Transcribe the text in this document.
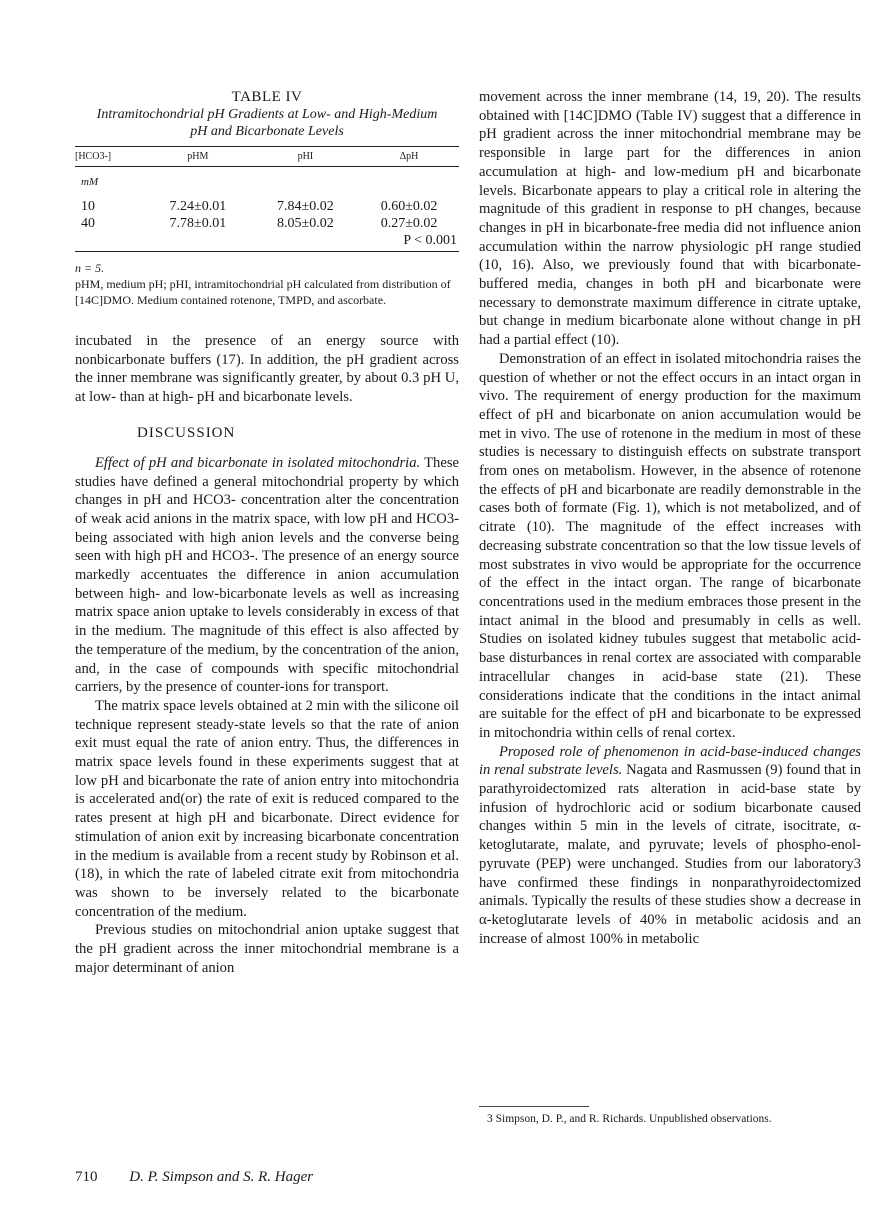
TABLE IV

Intramitochondrial pH Gradients at Low- and High-Medium
pH and Bicarbonate Levels

[HCO3-]	pHM	pHI	ΔpH
mM			
10	7.24±0.01	7.84±0.02	0.60±0.02
40	7.78±0.01	8.05±0.02	0.27±0.02
P < 0.001			

n = 5.

pHM, medium pH; pHI, intramitochondrial pH calculated from distribution of [14C]DMO. Medium contained rotenone, TMPD, and ascorbate.

incubated in the presence of an energy source with nonbicarbonate buffers (17). In addition, the pH gradient across the inner membrane was significantly greater, by about 0.3 pH U, at low- than at high- pH and bicarbonate levels.

DISCUSSION

Effect of pH and bicarbonate in isolated mitochondria. These studies have defined a general mitochondrial property by which changes in pH and HCO3- concentration alter the concentration of weak acid anions in the matrix space, with low pH and HCO3- being associated with high anion levels and the converse being seen with high pH and HCO3-. The presence of an energy source markedly accentuates the difference in anion accumulation between high- and low-bicarbonate levels as well as increasing matrix space anion uptake to levels considerably in excess of that in the medium. The magnitude of this effect is also affected by the temperature of the medium, by the concentration of the anion, and, in the case of compounds with specific mitochondrial carriers, by the presence of counter-ions for transport.

The matrix space levels obtained at 2 min with the silicone oil technique represent steady-state levels so that the rate of anion exit must equal the rate of anion entry. Thus, the differences in matrix space levels found in these experiments suggest that at low pH and bicarbonate the rate of anion entry into mitochondria is accelerated and(or) the rate of exit is reduced compared to the rates present at high pH and bicarbonate. Direct evidence for stimulation of anion exit by increasing bicarbonate concentration in the medium is available from a recent study by Robinson et al. (18), in which the rate of labeled citrate exit from mitochondria was shown to be inversely related to the bicarbonate concentration of the medium.

Previous studies on mitochondrial anion uptake suggest that the pH gradient across the inner mitochondrial membrane is a major determinant of anion

movement across the inner membrane (14, 19, 20). The results obtained with [14C]DMO (Table IV) suggest that a difference in pH gradient across the inner mitochondrial membrane may be responsible in large part for the differences in anion accumulation at high- and low-medium pH and bicarbonate levels. Bicarbonate appears to play a critical role in altering the magnitude of this gradient in response to pH changes, because changes in pH in bicarbonate-free media did not influence anion accumulation within the narrow physiologic pH range studied (10, 16). Also, we previously found that with bicarbonate-buffered media, changes in both pH and bicarbonate were necessary to demonstrate maximum difference in citrate uptake, but change in medium bicarbonate alone without change in pH had a partial effect (10).

Demonstration of an effect in isolated mitochondria raises the question of whether or not the effect occurs in an intact organ in vivo. The requirement of energy production for the maximum effect of pH and bicarbonate on anion accumulation would be met in vivo. The use of rotenone in the medium in most of these studies is necessary to distinguish effects on substrate transport from ones on metabolism. However, in the absence of rotenone the effects of pH and bicarbonate are readily demonstrable in the cases both of formate (Fig. 1), which is not metabolized, and of citrate (10). The magnitude of the effect increases with decreasing substrate concentration so that the low tissue levels of most substrates in vivo would be appropriate for the occurrence of the effect in the intact organ. The range of bicarbonate concentrations used in the medium embraces those present in the intact animal in the blood and presumably in cells as well. Studies on isolated kidney tubules suggest that metabolic acid-base disturbances in renal cortex are associated with comparable intracellular changes in acid-base state (21). These considerations indicate that the conditions in the intact animal are suitable for the effect of pH and bicarbonate to be expressed in mitochondria within cells of renal cortex.

Proposed role of phenomenon in acid-base-induced changes in renal substrate levels. Nagata and Rasmussen (9) found that in parathyroidectomized rats alteration in acid-base state by infusion of hydrochloric acid or sodium bicarbonate caused changes within 5 min in the levels of citrate, isocitrate, α-ketoglutarate, malate, and pyruvate; levels of phospho-enol-pyruvate (PEP) were unchanged. Studies from our laboratory3 have confirmed these findings in nonparathyroidectomized animals. Typically the results of these studies show a decrease in α-ketoglutarate levels of 40% in metabolic acidosis and an increase of almost 100% in metabolic

3 Simpson, D. P., and R. Richards. Unpublished observations.
710 D. P. Simpson and S. R. Hager
